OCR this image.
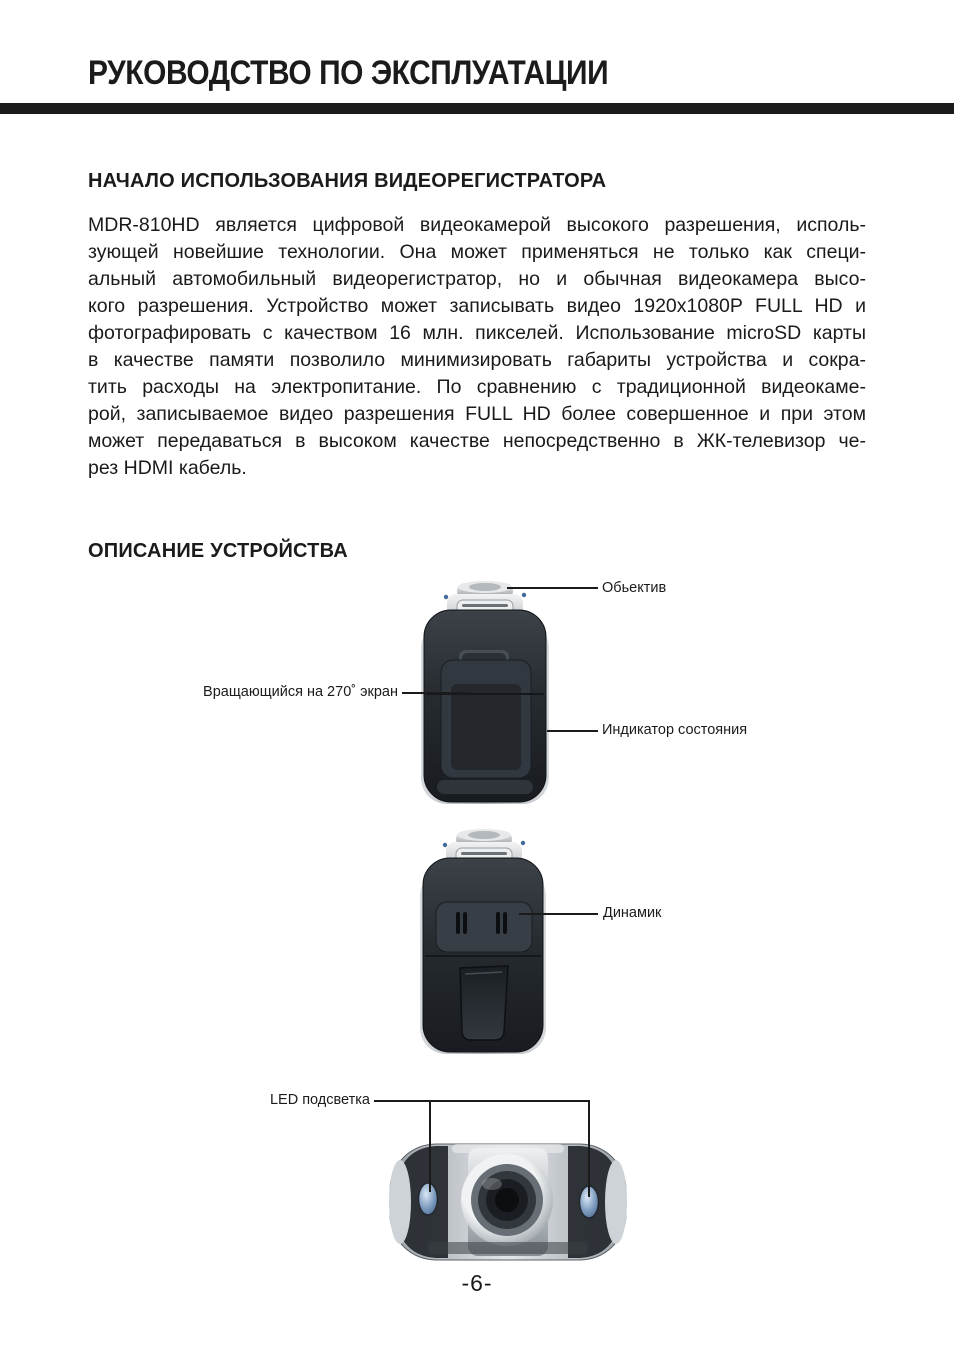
РУКОВОДСТВО ПО ЭКСПЛУАТАЦИИ
НАЧАЛО ИСПОЛЬЗОВАНИЯ ВИДЕОРЕГИСТРАТОРА
MDR-810HD является цифровой видеокамерой высокого разрешения, исполь-
зующей новейшие технологии. Она может применяться не только как специ-
альный автомобильный видеорегистратор, но и обычная видеокамера высо-
кого разрешения. Устройство может записывать видео 1920х1080P FULL HD и
фотографировать с качеством 16 млн. пикселей. Использование microSD карты
в качестве памяти позволило минимизировать габариты устройства и сокра-
тить расходы на электропитание. По сравнению с традиционной видеокаме-
рой, записываемое видео разрешения FULL HD более совершенное и при этом
может передаваться в высоком качестве непосредственно в ЖК-телевизор че-
рез HDMI кабель.
ОПИСАНИЕ УСТРОЙСТВА
Обьектив
Вращающийся на 270˚ экран
Индикатор состояния
Динамик
LED подсветка
-6-
